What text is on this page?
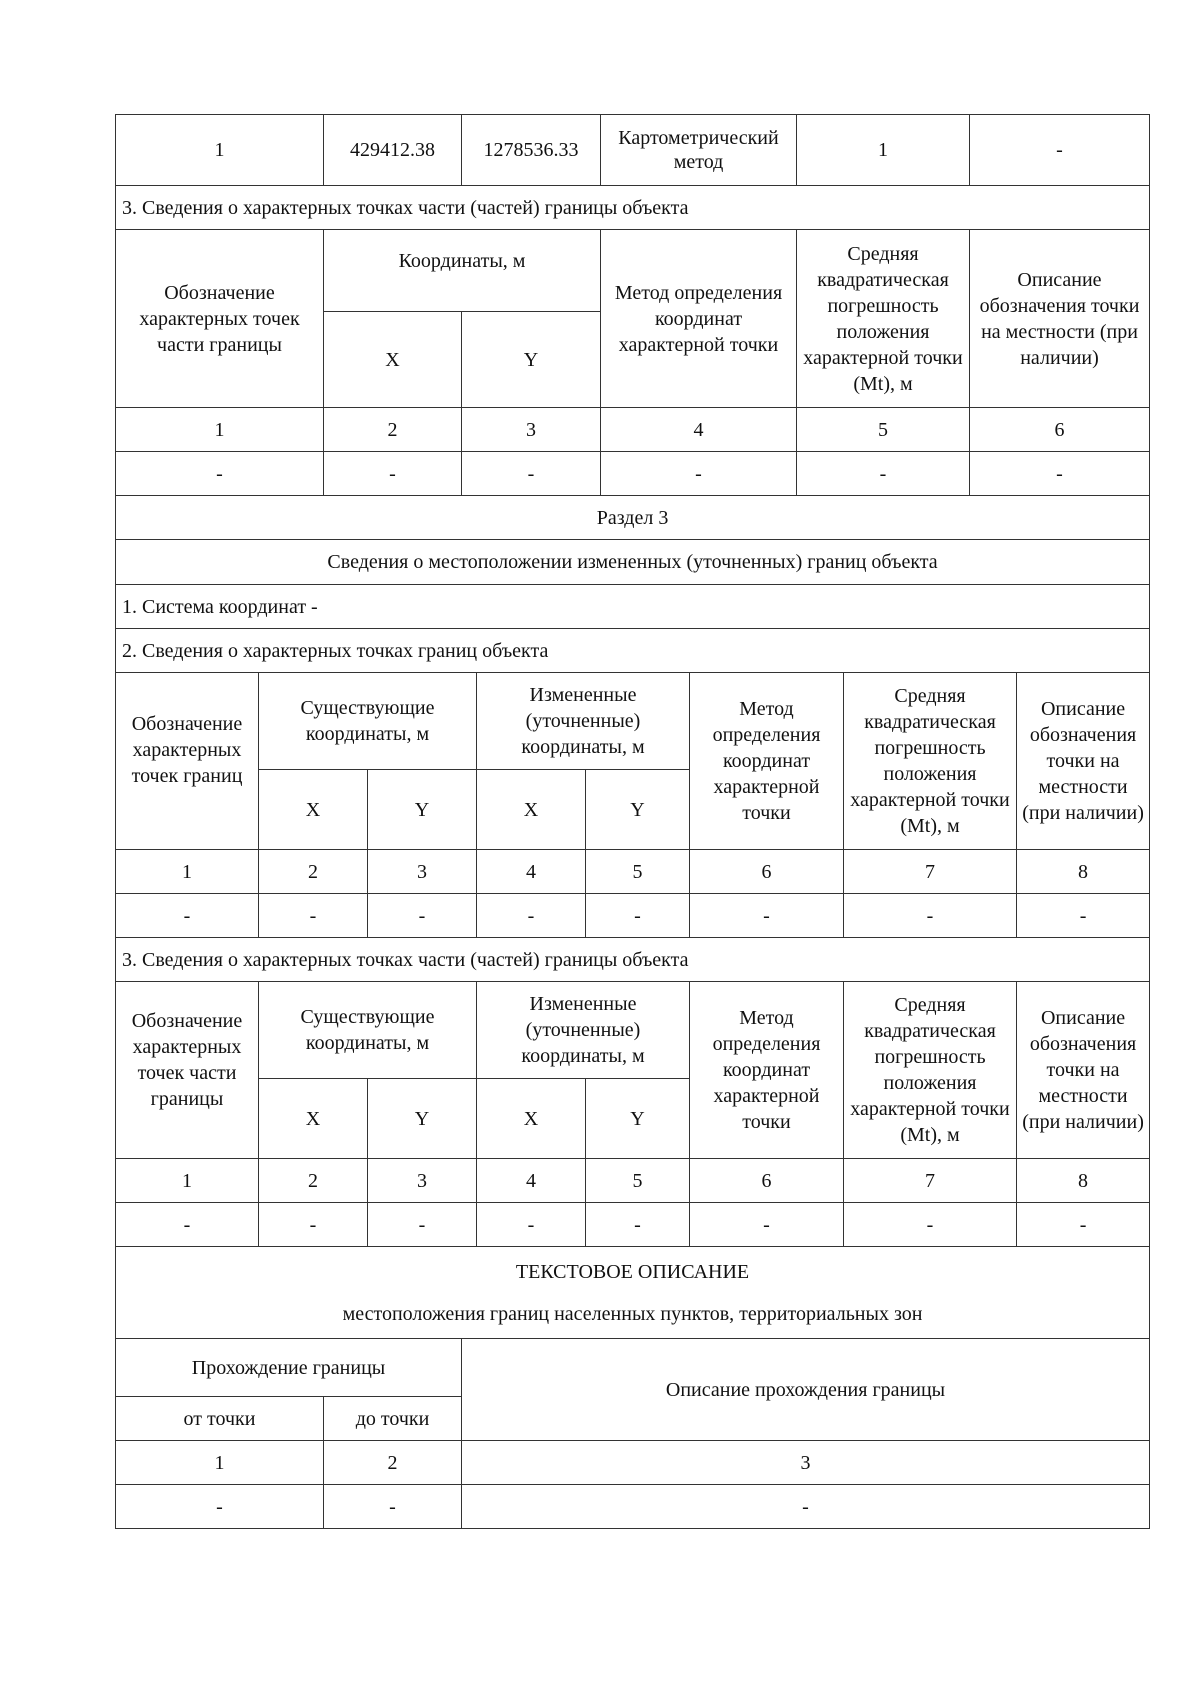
1	429412.38	1278536.33	Картометрический метод	1	-
3. Сведения о характерных точках части (частей) границы объекта					
Обозначение характерных точек части границы	Координаты, м		Метод определения координат характерной точки	Средняя квадратическая погрешность положения характерной точки (Mt), м	Описание обозначения точки на местности (при наличии)
	X	Y			
1	2	3	4	5	6
-	-	-	-	-	-
Раздел 3							
Сведения о местоположении измененных (уточненных) границ объекта							
1. Система координат -							
2. Сведения о характерных точках границ объекта							
Обозначение характерных точек границ	Существующие координаты, м		Измененные (уточненные) координаты, м		Метод определения координат характерной точки	Средняя квадратическая погрешность положения характерной точки (Mt), м	Описание обозначения точки на местности (при наличии)
	X	Y	X	Y			
1	2	3	4	5	6	7	8
-	-	-	-	-	-	-	-
3. Сведения о характерных точках части (частей) границы объекта							
Обозначение характерных точек части границы	Существующие координаты, м		Измененные (уточненные) координаты, м		Метод определения координат характерной точки	Средняя квадратическая погрешность положения характерной точки (Mt), м	Описание обозначения точки на местности (при наличии)
	X	Y	X	Y			
1	2	3	4	5	6	7	8
-	-	-	-	-	-	-	-
ТЕКСТОВОЕ ОПИСАНИЕ
местоположения границ населенных пунктов, территориальных зон		

Прохождение границы		Описание прохождения границы
от точки	до точки	
1	2	3
-	-	-
